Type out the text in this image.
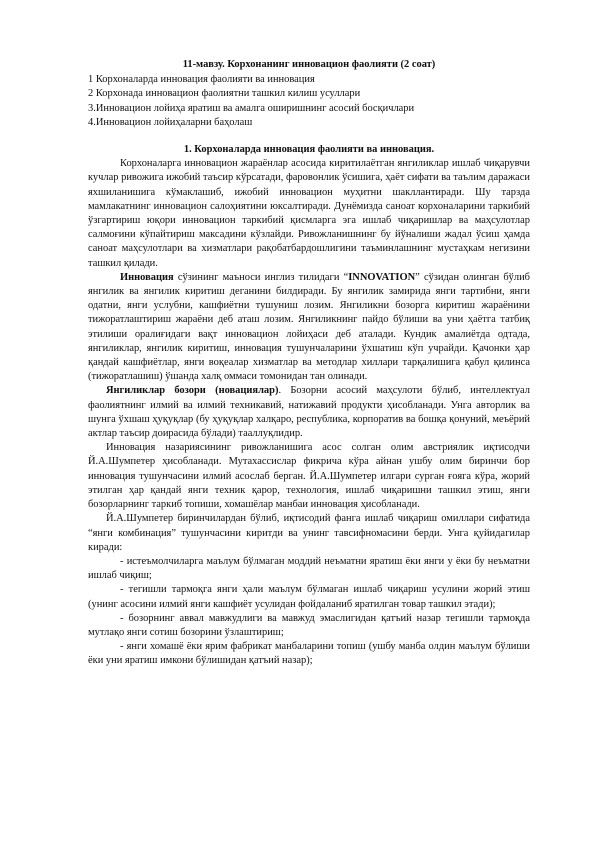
11-мавзу. Корхонанинг инновацион фаолияти (2 соат)
1 Корхоналарда инновация фаолияти ва инновация
2 Корхонада инновацион фаолиятни ташкил килиш усуллари
3.Инновацион лойиҳа яратиш ва амалга оширишнинг асосий босқичлари
4.Инновацион лойиҳаларни баҳолаш
1. Корхоналарда инновация фаолияти ва инновация.

Корхоналарга инновацион жараёнлар асосида киритилаётган янгиликлар ишлаб чиқарувчи кучлар ривожига ижобий таъсир кўрсатади, фаровонлик ўсишига, ҳаёт сифати ва таълим даражаси яхшиланишига кўмаклашиб, ижобий инновацион муҳитни шакллантиради. Шу тарзда мамлакатнинг инновацион салоҳиятини юксалтиради. Дунёмизда саноат корхоналарини таркибий ўзгартириш юқори инновацион таркибий қисмларга эга ишлаб чиқаришлар ва маҳсулотлар салмоғини кўпайтириш максадини кўзлайди. Ривожланишнинг бу йўналиши жадал ўсиш ҳамда саноат маҳсулотлари ва хизматлари рақобатбардошлигини таъминлашнинг мустаҳкам негизини ташкил қилади.

Инновация сўзининг маъноси инглиз тилидаги “INNOVATION” сўзидан олинган бўлиб янгилик ва янгилик киритиш деганини билдиради. Бу янгилик замирида янги тартибни, янги одатни, янги услубни, кашфиётни тушуниш лозим. Янгиликни бозорга киритиш жараёнини тижоратлаштириш жараёни деб аташ лозим. Янгиликнинг пайдо бўлиши ва уни ҳаётга татбиқ этилиши оралиғидаги вақт инновацион лойиҳаси деб аталади. Кундик амалиётда одтада, янгиликлар, янгилик киритиш, инновация тушунчаларини ўхшатиш кўп учрайди. Қачонки ҳар қандай кашфиётлар, янги воқеалар хизматлар ва методлар хиллари тарқалишига қабул қилинса (тижоратлашиш) ўшанда халқ оммаси томонидан тан олинади.

Янгиликлар бозори (новациялар). Бозорни асосий маҳсулоти бўлиб, интеллектуал фаолиятнинг илмий ва илмий техникавий, натижавий продукти ҳисобланади. Унга авторлик ва шунга ўхшаш ҳуқуқлар (бу ҳуқуқлар халқаро, республика, корпоратив ва бошқа қонуний, меъёрий актлар таъсир доирасида бўлади) тааллуқлидир.

Инновация назариясининг ривожланишига асос солган олим австриялик иқтисодчи Й.А.Шумпетер ҳисобланади. Мутахассислар фикрича кўра айнан ушбу олим биринчи бор инновация тушунчасини илмий асослаб берган. Й.А.Шумпетер илгари сурган ғояга кўра, жорий этилган ҳар қандай янги техник қарор, технология, ишлаб чиқаришни ташкил этиш, янги бозорларнинг таркиб топиши, хомашёлар манбаи инновация ҳисобланади.

Й.А.Шумпетер биринчилардан бўлиб, иқтисодий фанга ишлаб чиқариш омиллари сифатида “янги комбинация” тушунчасини киритди ва унинг тавсифномасини берди. Унга қуйидагилар киради:

- истеъмолчиларга маълум бўлмаган моддий неъматни яратиш ёки янги у ёки бу неъматни ишлаб чиқиш;

- тегишли тармоқга янги ҳали маълум бўлмаган ишлаб чиқариш усулини жорий этиш (унинг асосини илмий янги кашфиёт усулидан фойдаланиб яратилган товар ташкил этади);

- бозорнинг аввал мавжудлиги ва мавжуд эмаслигидан қатъий назар тегишли тармоқда мутлақо янги сотиш бозорини ўзлаштириш;

- янги хомашё ёки ярим фабрикат манбаларини топиш (ушбу манба олдин маълум бўлиши ёки уни яратиш имкони бўлишидан қатъий назар);
